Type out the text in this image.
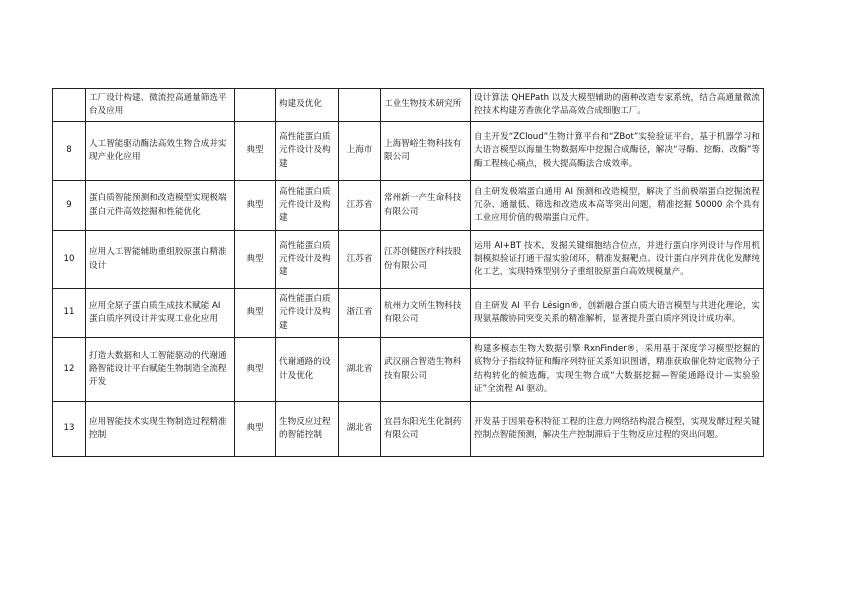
	工厂设计构建、微流控高通量筛选平台及应用		构建及优化		工业生物技术研究所	设计算法 QHEPath 以及大模型辅助的菌种改造专家系统，结合高通量微流控技术构建芳香族化学品高效合成细胞工厂。
8	人工智能驱动酶法高效生物合成并实现产业化应用	典型	高性能蛋白质元件设计及构建	上海市	上海智峪生物科技有限公司	自主开发“ZCloud”生物计算平台和“ZBot”实验验证平台，基于机器学习和大语言模型以海量生物数据库中挖掘合成酶径，解决“寻酶、挖酶、改酶”等酶工程核心痛点，极大提高酶法合成效率。
9	蛋白质智能预测和改造模型实现极端蛋白元件高效挖掘和性能优化	典型	高性能蛋白质元件设计及构建	江苏省	常州新一产生命科技有限公司	自主研发极端蛋白通用 AI 预测和改造模型，解决了当前极端蛋白挖掘流程冗杂、通量低、筛选和改造成本高等突出问题，精准挖掘 50000 余个具有工业应用价值的极端蛋白元件。
10	应用人工智能辅助重组胶原蛋白精准设计	典型	高性能蛋白质元件设计及构建	江苏省	江苏创健医疗科技股份有限公司	运用 AI+BT 技术，发掘关键细胞结合位点，并进行蛋白序列设计与作用机制模拟验证打通干湿实验闭环，精准发掘靶点、设计蛋白序列并优化发酵纯化工艺，实现特殊型别分子重组胶原蛋白高效规模量产。
11	应用全原子蛋白质生成技术赋能 AI 蛋白质序列设计并实现工业化应用	典型	高性能蛋白质元件设计及构建	浙江省	杭州力文所生物科技有限公司	自主研发 AI 平台 Lésign®，创新融合蛋白质大语言模型与共进化理论，实现氨基酸协同突变关系的精准解析，显著提升蛋白质序列设计成功率。
12	打造大数据和人工智能驱动的代谢通路智能设计平台赋能生物制造全流程开发	典型	代谢通路的设计及优化	湖北省	武汉丽合智造生物科技有限公司	构建多模态生物大数据引擎 RxnFinder®，采用基于深度学习模型挖掘的底物分子指纹特征和酶序列特征关系知识图谱，精准获取催化特定底物分子结构转化的候选酶，实现生物合成“大数据挖掘—智能通路设计—实验验证”全流程 AI 驱动。
13	应用智能技术实现生物制造过程精准控制	典型	生物反应过程的智能控制	湖北省	宜昌东阳光生化制药有限公司	开发基于因果卷积特征工程的注意力网络结构混合模型，实现发酵过程关键控制点智能预测，解决生产控制滞后于生物反应过程的突出问题。
